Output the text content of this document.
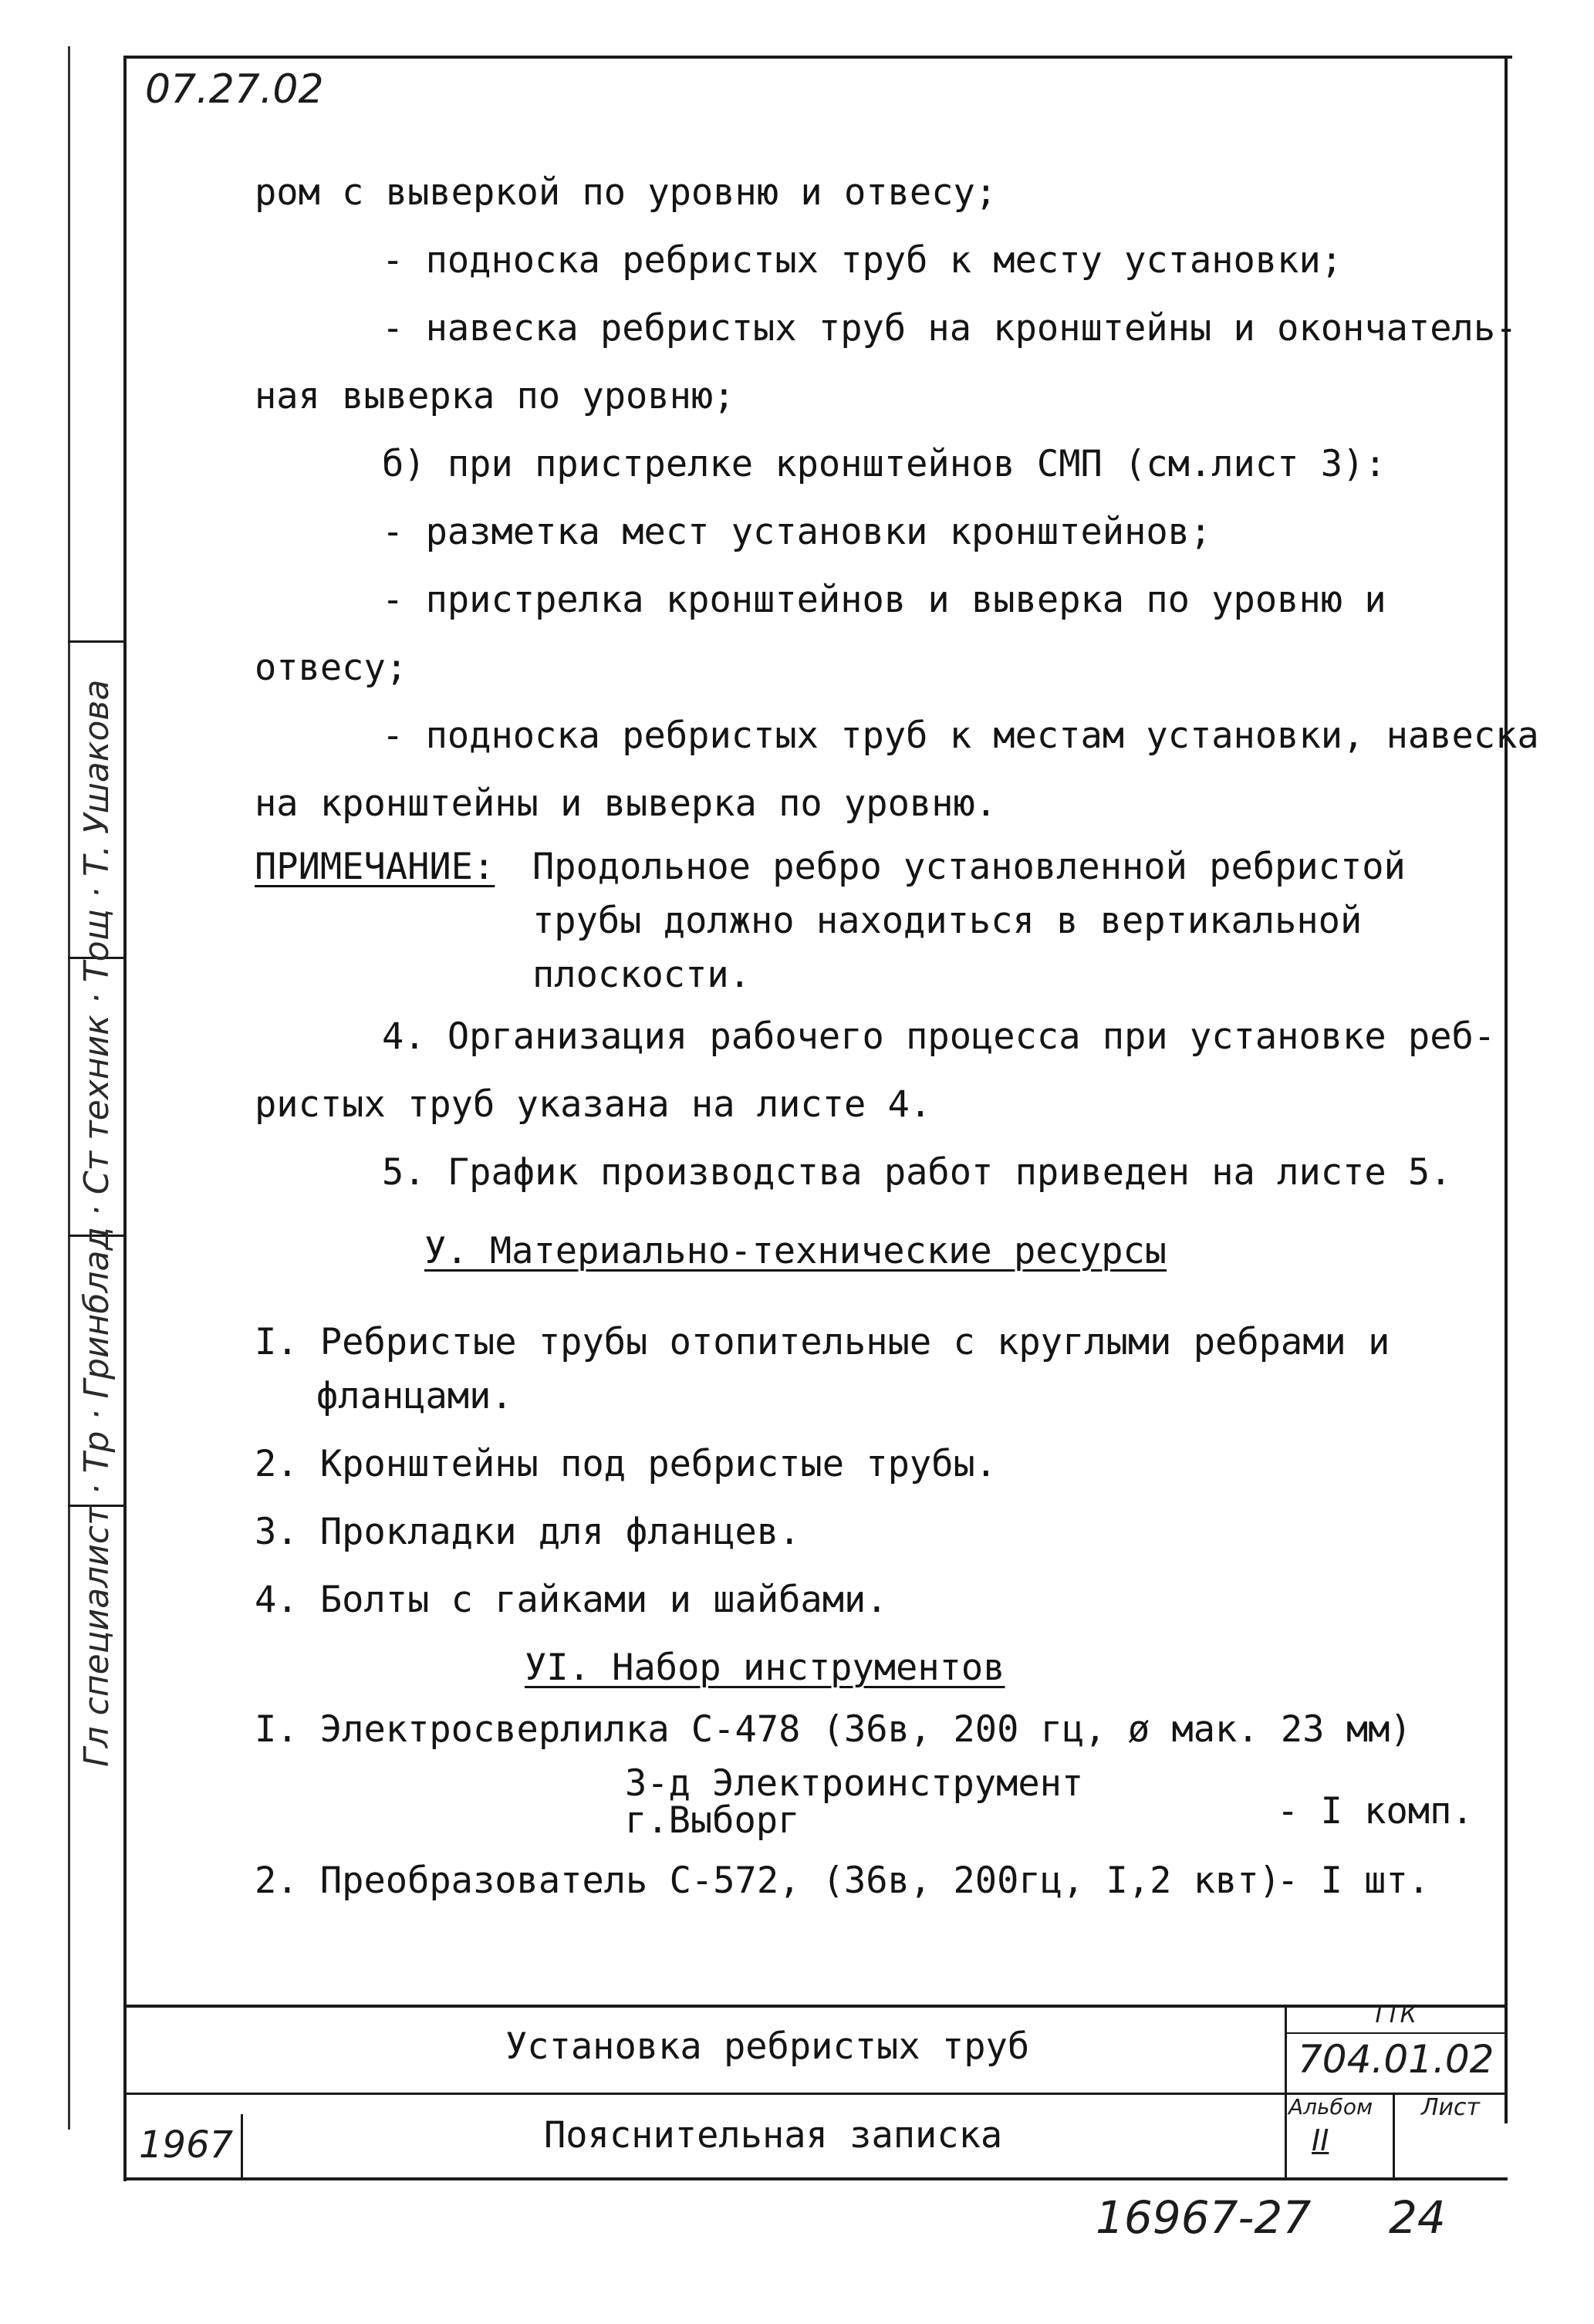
Гл специалист · Тр · Гринблад · Ст техник · Тощ · Т. Ушакова
07.27.02
ром с выверкой по уровню и отвесу;
- подноска ребристых труб к месту установки;
- навеска ребристых труб на кронштейны и окончатель-
ная выверка по уровню;
б) при пристрелке кронштейнов СМП (см.лист 3):
- разметка мест установки кронштейнов;
- пристрелка кронштейнов и выверка по уровню и
отвесу;
- подноска ребристых труб к местам установки, навеска
на кронштейны и выверка по уровню.
ПРИМЕЧАНИЕ: Продольное ребро установленной ребристой
трубы должно находиться в вертикальной
плоскости.
4. Организация рабочего процесса при установке реб-
ристых труб указана на листе 4.
5. График производства работ приведен на листе 5.
У. Материально-технические ресурсы
I. Ребристые трубы отопительные с круглыми ребрами и
фланцами.
2. Кронштейны под ребристые трубы.
3. Прокладки для фланцев.
4. Болты с гайками и шайбами.
УI. Набор инструментов
I. Электросверлилка С-478 (36в, 200 гц, ø мак. 23 мм)
З-д Электроинструмент
г.Выборг	- I комп.
2. Преобразователь С-572, (36в, 200гц, I,2 квт)
- I шт.
Установка ребристых труб
Пояснительная записка
ТТК
704.01.02
Альбом
II
Лист
1967
16967-27 24
